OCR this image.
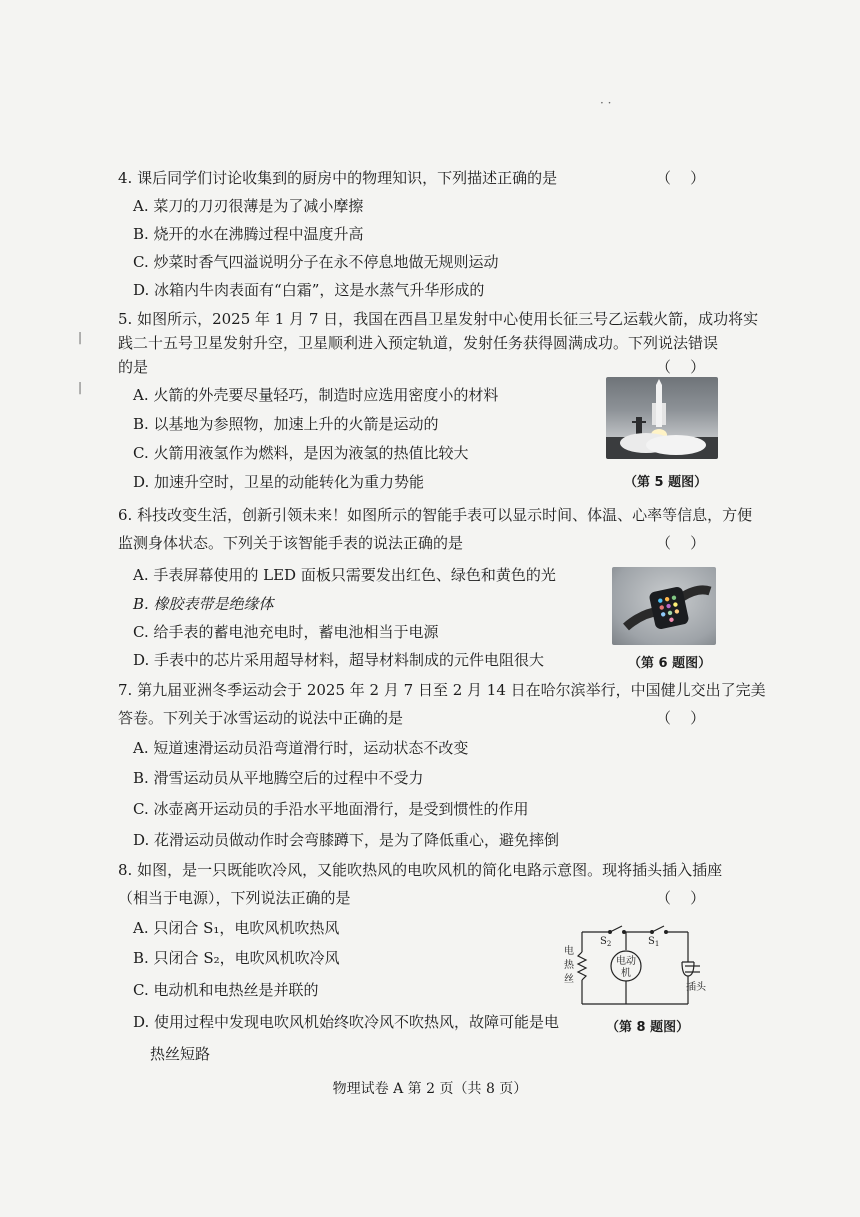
· ·
|
|
4. 课后同学们讨论收集到的厨房中的物理知识，下列描述正确的是	（    ）
A. 菜刀的刀刃很薄是为了减小摩擦
B. 烧开的水在沸腾过程中温度升高
C. 炒菜时香气四溢说明分子在永不停息地做无规则运动
D. 冰箱内牛肉表面有“白霜”，这是水蒸气升华形成的
5. 如图所示，2025 年 1 月 7 日，我国在西昌卫星发射中心使用长征三号乙运载火箭，成功将实
践二十五号卫星发射升空，卫星顺利进入预定轨道，发射任务获得圆满成功。下列说法错误
的是	（    ）
A. 火箭的外壳要尽量轻巧，制造时应选用密度小的材料
B. 以基地为参照物，加速上升的火箭是运动的
C. 火箭用液氢作为燃料，是因为液氢的热值比较大
D. 加速升空时，卫星的动能转化为重力势能	（第 5 题图）
6. 科技改变生活，创新引领未来！如图所示的智能手表可以显示时间、体温、心率等信息，方便
监测身体状态。下列关于该智能手表的说法正确的是	（    ）
A. 手表屏幕使用的 LED 面板只需要发出红色、绿色和黄色的光
B. 橡胶表带是绝缘体
C. 给手表的蓄电池充电时，蓄电池相当于电源
D. 手表中的芯片采用超导材料，超导材料制成的元件电阻很大	（第 6 题图）
7. 第九届亚洲冬季运动会于 2025 年 2 月 7 日至 2 月 14 日在哈尔滨举行，中国健儿交出了完美
答卷。下列关于冰雪运动的说法中正确的是	（    ）
A. 短道速滑运动员沿弯道滑行时，运动状态不改变
B. 滑雪运动员从平地腾空后的过程中不受力
C. 冰壶离开运动员的手沿水平地面滑行，是受到惯性的作用
D. 花滑运动员做动作时会弯膝蹲下，是为了降低重心，避免摔倒
8. 如图，是一只既能吹冷风，又能吹热风的电吹风机的简化电路示意图。现将插头插入插座
（相当于电源），下列说法正确的是	（    ）
A. 只闭合 S₁，电吹风机吹热风
B. 只闭合 S₂，电吹风机吹冷风
C. 电动机和电热丝是并联的
D. 使用过程中发现电吹风机始终吹冷风不吹热风，故障可能是电
热丝短路
$S_2$	$S_1$
电
热
丝
电动
机
插头
（第 8 题图）
物理试卷 A 第 2 页（共 8 页）
